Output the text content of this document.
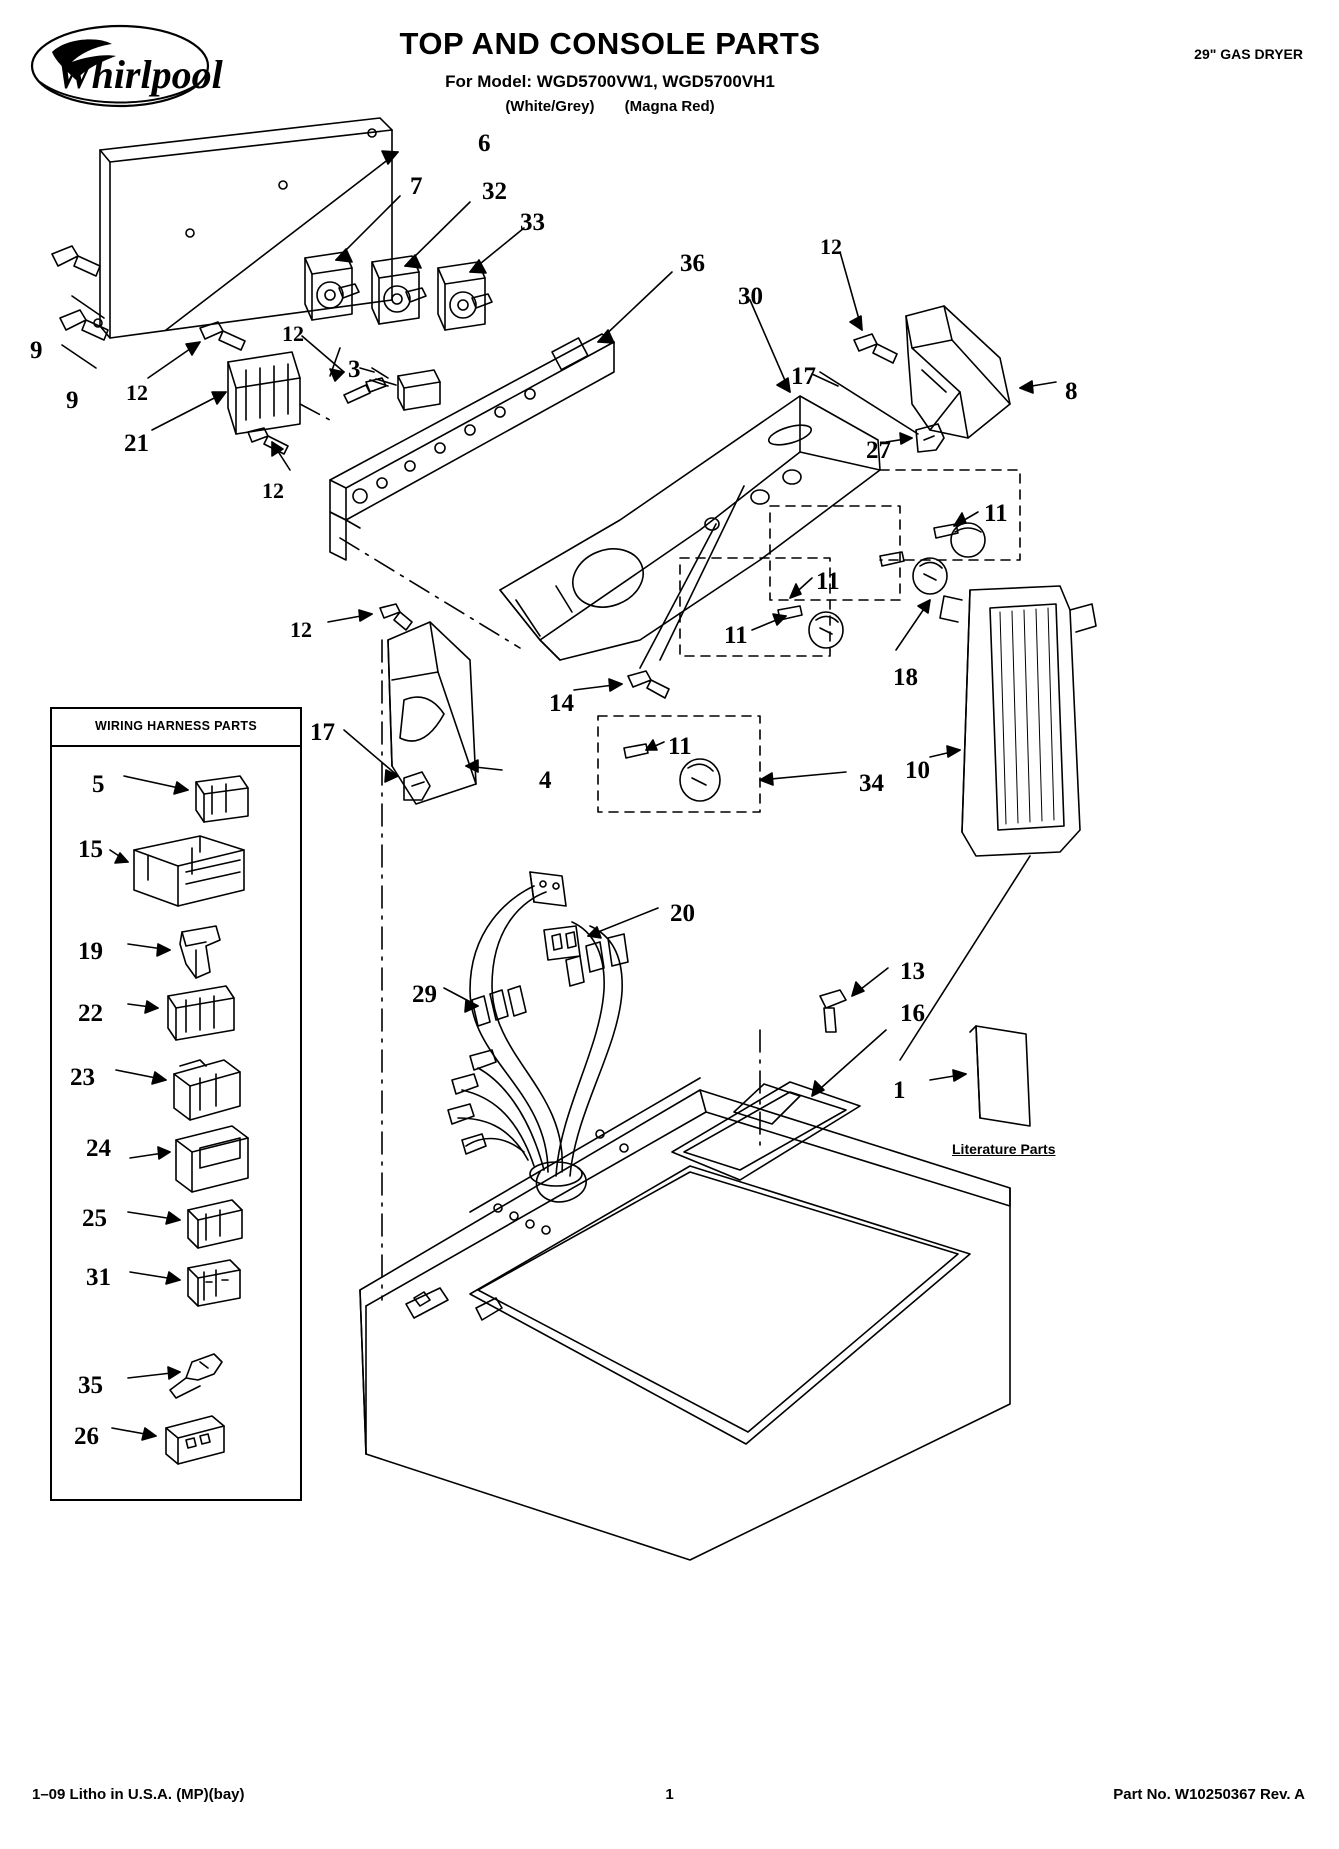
Whirlpool
TOP AND CONSOLE PARTS
For Model: WGD5700VW1, WGD5700VH1
(White/Grey) (Magna Red)
29" GAS DRYER
WIRING HARNESS PARTS
Literature Parts
6
7 32
33
36
30
12
17
8
27
11
9
9 12
12
3
21
12
11
11
18
14
12
17
4
11
34 10
20
29
13
16
1
5
15
19
22
23
24
25
31
35
26
1–09 Litho in U.S.A. (MP)(bay)	1	Part No. W10250367 Rev. A
